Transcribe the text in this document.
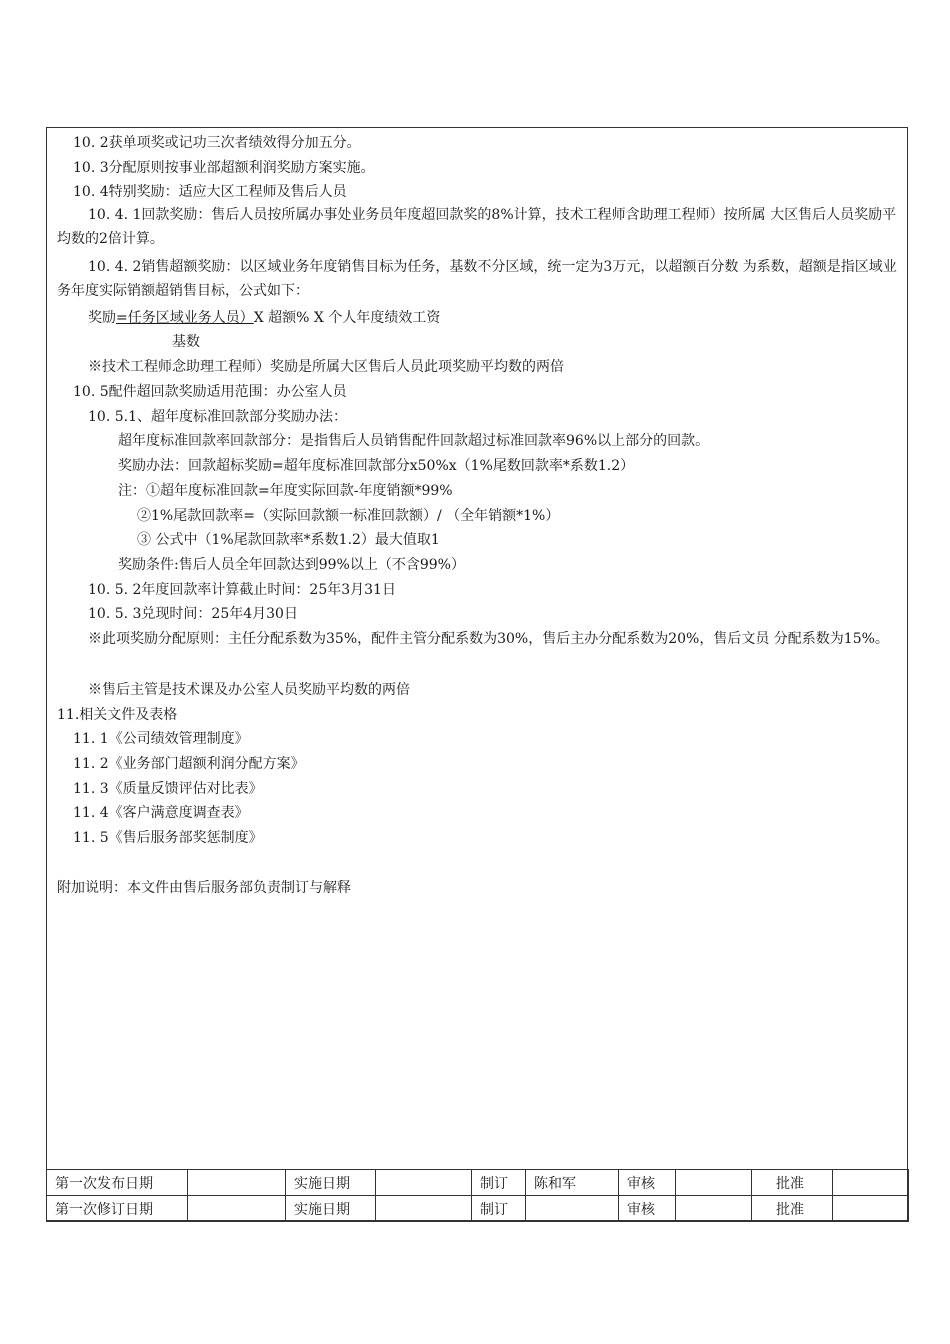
10. 2获单项奖或记功三次者绩效得分加五分。
10. 3分配原则按事业部超额利润奖励方案实施。
10. 4特别奖励：适应大区工程师及售后人员
10. 4. 1回款奖励：售后人员按所属办事处业务员年度超回款奖的8%计算，技术工程师含助理工程师）按所属 大区售后人员奖励平均数的2倍计算。
10. 4. 2销售超额奖励：以区域业务年度销售目标为任务，基数不分区域，统一定为3万元，以超额百分数 为系数，超额是指区域业务年度实际销额超销售目标，公式如下：
奖励=任务区域业务人员）X 超额% X 个人年度绩效工资
基数
※技术工程师念助理工程师）奖励是所属大区售后人员此项奖励平均数的两倍
10. 5配件超回款奖励适用范围：办公室人员
10. 5.1、超年度标准回款部分奖励办法：
超年度标准回款率回款部分：是指售后人员销售配件回款超过标准回款率96%以上部分的回款。
奖励办法：回款超标奖励=超年度标准回款部分x50%x（1%尾数回款率*系数1.2）
注：①超年度标准回款=年度实际回款-年度销额*99%
②1%尾款回款率=（实际回款额一标准回款额）/ （全年销额*1%）
③ 公式中（1%尾款回款率*系数1.2）最大值取1
奖励条件:售后人员全年回款达到99%以上（不含99%）
10. 5. 2年度回款率计算截止时间：25年3月31日
10. 5. 3兑现时间：25年4月30日
※此项奖励分配原则：主任分配系数为35%，配件主管分配系数为30%，售后主办分配系数为20%，售后文员 分配系数为15%。
※售后主管是技术课及办公室人员奖励平均数的两倍
11.相关文件及表格
11. 1《公司绩效管理制度》
11. 2《业务部门超额利润分配方案》
11. 3《质量反馈评估对比表》
11. 4《客户满意度调查表》
11. 5《售后服务部奖惩制度》
附加说明：本文件由售后服务部负责制订与解释
第一次发布日期		实施日期		制订	陈和军	审核		批准	
第一次修订日期		实施日期		制订		审核		批准	
